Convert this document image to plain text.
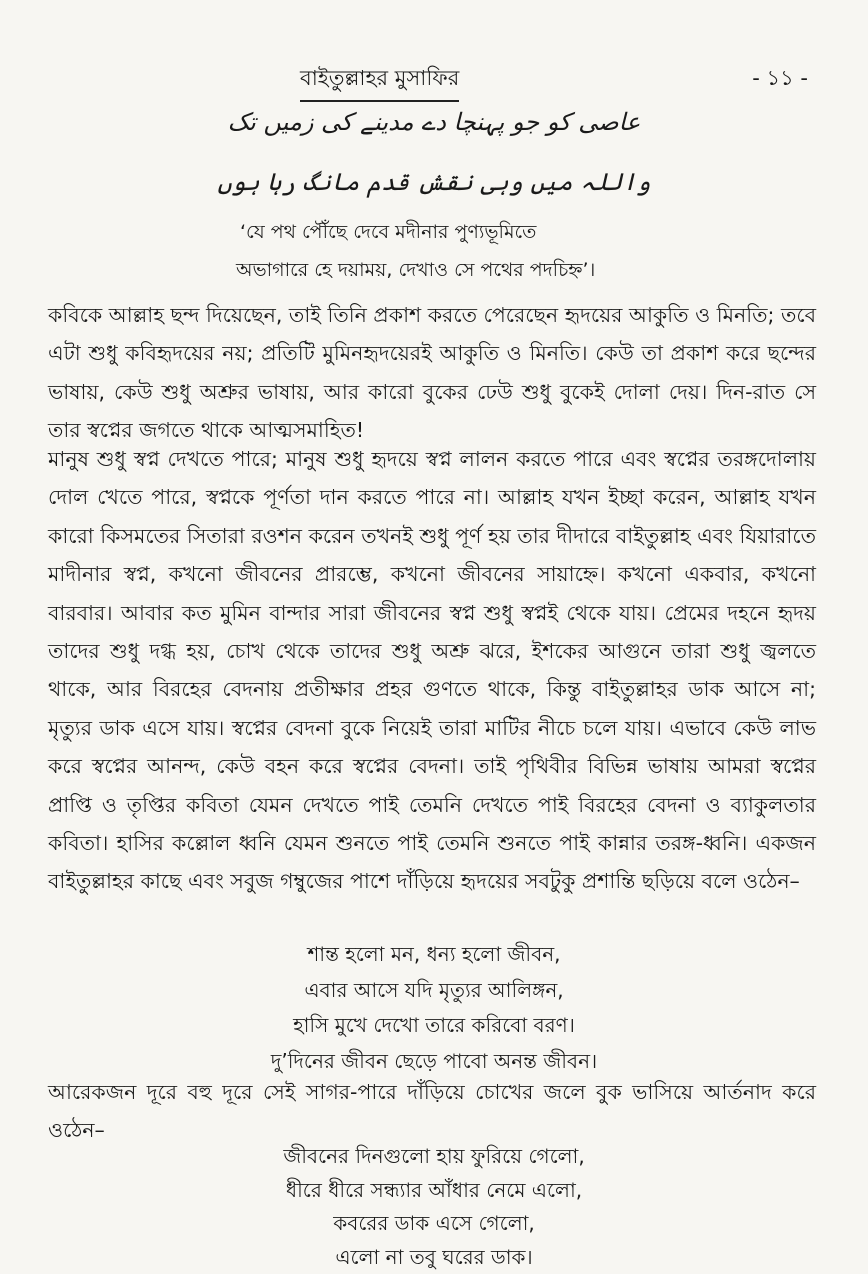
বাইতুল্লাহর মুসাফির	- ১১ -
عاصی کو جو پہنچا دے مدینے کی زمیں تک
واللہ میں وہی نقش قدم مانگ رہا ہوں
‘যে পথ পৌঁছে দেবে মদীনার পুণ্যভূমিতে
অভাগারে হে দয়াময়, দেখাও সে পথের পদচিহ্ন’।

কবিকে আল্লাহ ছন্দ দিয়েছেন, তাই তিনি প্রকাশ করতে পেরেছেন হৃদয়ের আকুতি ও মিনতি; তবে এটা শুধু কবিহৃদয়ের নয়; প্রতিটি মুমিনহৃদয়েরই আকুতি ও মিনতি। কেউ তা প্রকাশ করে ছন্দের ভাষায়, কেউ শুধু অশ্রুর ভাষায়, আর কারো বুকের ঢেউ শুধু বুকেই দোলা দেয়। দিন-রাত সে তার স্বপ্নের জগতে থাকে আত্মসমাহিত!

মানুষ শুধু স্বপ্ন দেখতে পারে; মানুষ শুধু হৃদয়ে স্বপ্ন লালন করতে পারে এবং স্বপ্নের তরঙ্গদোলায় দোল খেতে পারে, স্বপ্নকে পূর্ণতা দান করতে পারে না। আল্লাহ যখন ইচ্ছা করেন, আল্লাহ যখন কারো কিসমতের সিতারা রওশন করেন তখনই শুধু পূর্ণ হয় তার দীদারে বাইতুল্লাহ এবং যিয়ারাতে মাদীনার স্বপ্ন, কখনো জীবনের প্রারম্ভে, কখনো জীবনের সায়াহ্নে। কখনো একবার, কখনো বারবার। আবার কত মুমিন বান্দার সারা জীবনের স্বপ্ন শুধু স্বপ্নই থেকে যায়। প্রেমের দহনে হৃদয় তাদের শুধু দগ্ধ হয়, চোখ থেকে তাদের শুধু অশ্রু ঝরে, ইশকের আগুনে তারা শুধু জ্বলতে থাকে, আর বিরহের বেদনায় প্রতীক্ষার প্রহর গুণতে থাকে, কিন্তু বাইতুল্লাহর ডাক আসে না; মৃত্যুর ডাক এসে যায়। স্বপ্নের বেদনা বুকে নিয়েই তারা মাটির নীচে চলে যায়। এভাবে কেউ লাভ করে স্বপ্নের আনন্দ, কেউ বহন করে স্বপ্নের বেদনা। তাই পৃথিবীর বিভিন্ন ভাষায় আমরা স্বপ্নের প্রাপ্তি ও তৃপ্তির কবিতা যেমন দেখতে পাই তেমনি দেখতে পাই বিরহের বেদনা ও ব্যাকুলতার কবিতা। হাসির কল্লোল ধ্বনি যেমন শুনতে পাই তেমনি শুনতে পাই কান্নার তরঙ্গ-ধ্বনি। একজন বাইতুল্লাহর কাছে এবং সবুজ গম্বুজের পাশে দাঁড়িয়ে হৃদয়ের সবটুকু প্রশান্তি ছড়িয়ে বলে ওঠেন–

শান্ত হলো মন, ধন্য হলো জীবন,
এবার আসে যদি মৃত্যুর আলিঙ্গন,
হাসি মুখে দেখো তারে করিবো বরণ।
দু’দিনের জীবন ছেড়ে পাবো অনন্ত জীবন।

আরেকজন দূরে বহু দূরে সেই সাগর-পারে দাঁড়িয়ে চোখের জলে বুক ভাসিয়ে আর্তনাদ করে ওঠেন–

জীবনের দিনগুলো হায় ফুরিয়ে গেলো,
ধীরে ধীরে সন্ধ্যার আঁধার নেমে এলো,
কবরের ডাক এসে গেলো,
এলো না তবু ঘরের ডাক।
